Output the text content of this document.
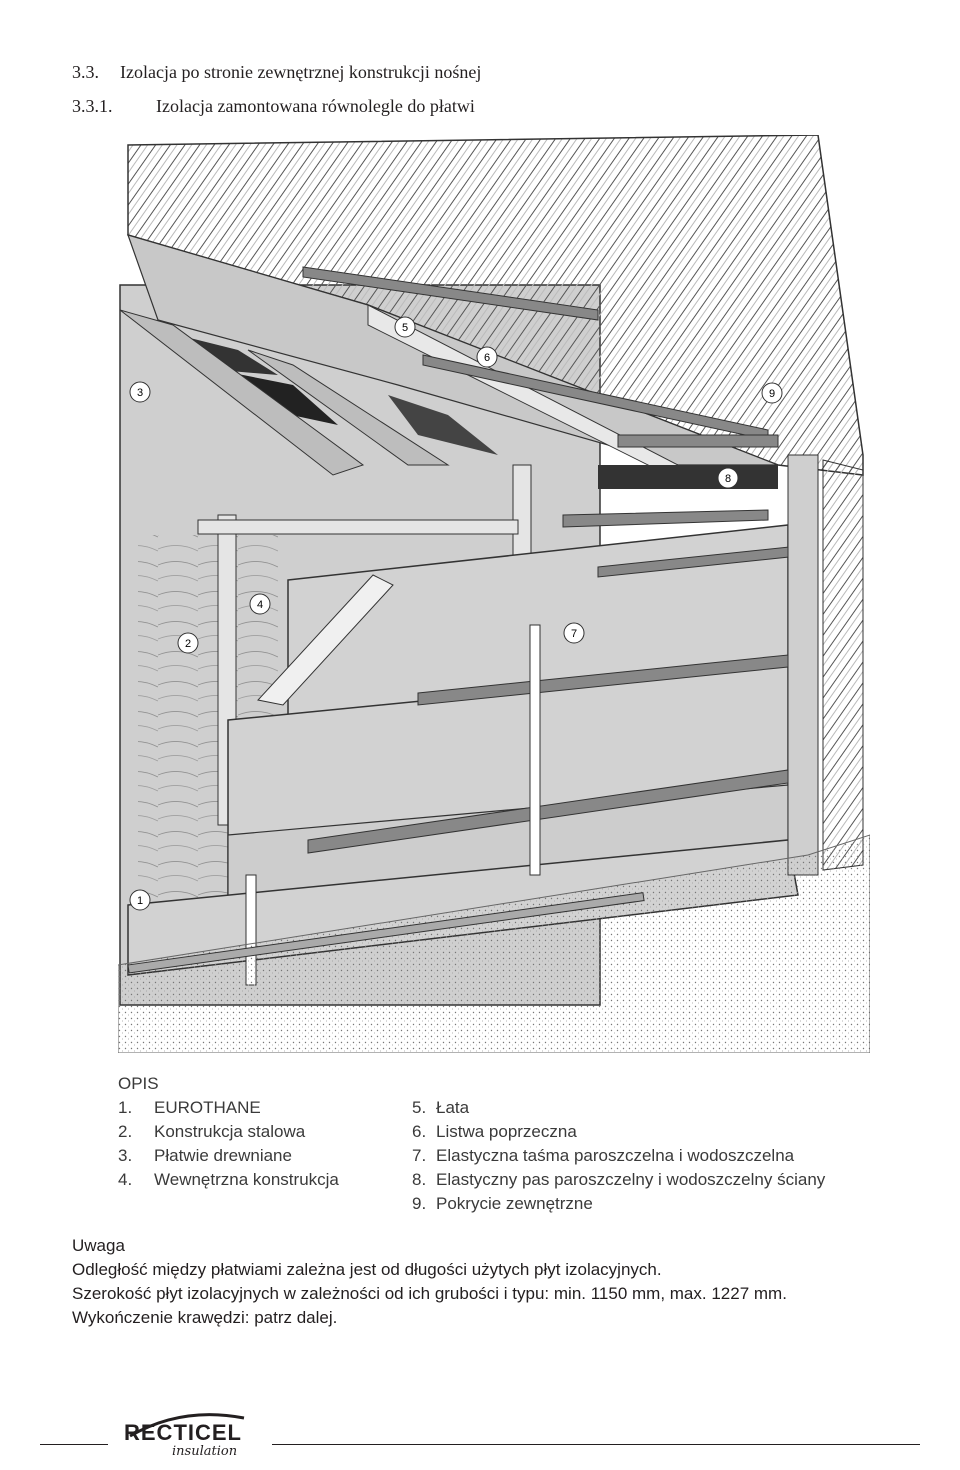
3.3. Izolacja po stronie zewnętrznej konstrukcji nośnej
3.3.1. Izolacja zamontowana równolegle do płatwi
1
2
3
4
5
6
7
8
9
OPIS
1. EUROTHANE
2. Konstrukcja stalowa
3. Płatwie drewniane
4. Wewnętrzna konstrukcja
5. Łata
6. Listwa poprzeczna
7. Elastyczna taśma paroszczelna i wodoszczelna
8. Elastyczny pas paroszczelny i wodoszczelny ściany
9. Pokrycie zewnętrzne
Uwaga
Odległość między płatwiami zależna jest od długości użytych płyt izolacyjnych.
Szerokość płyt izolacyjnych w zależności od ich grubości i typu: min. 1150 mm, max. 1227 mm.
Wykończenie krawędzi: patrz dalej.
RECTICEL
insulation
